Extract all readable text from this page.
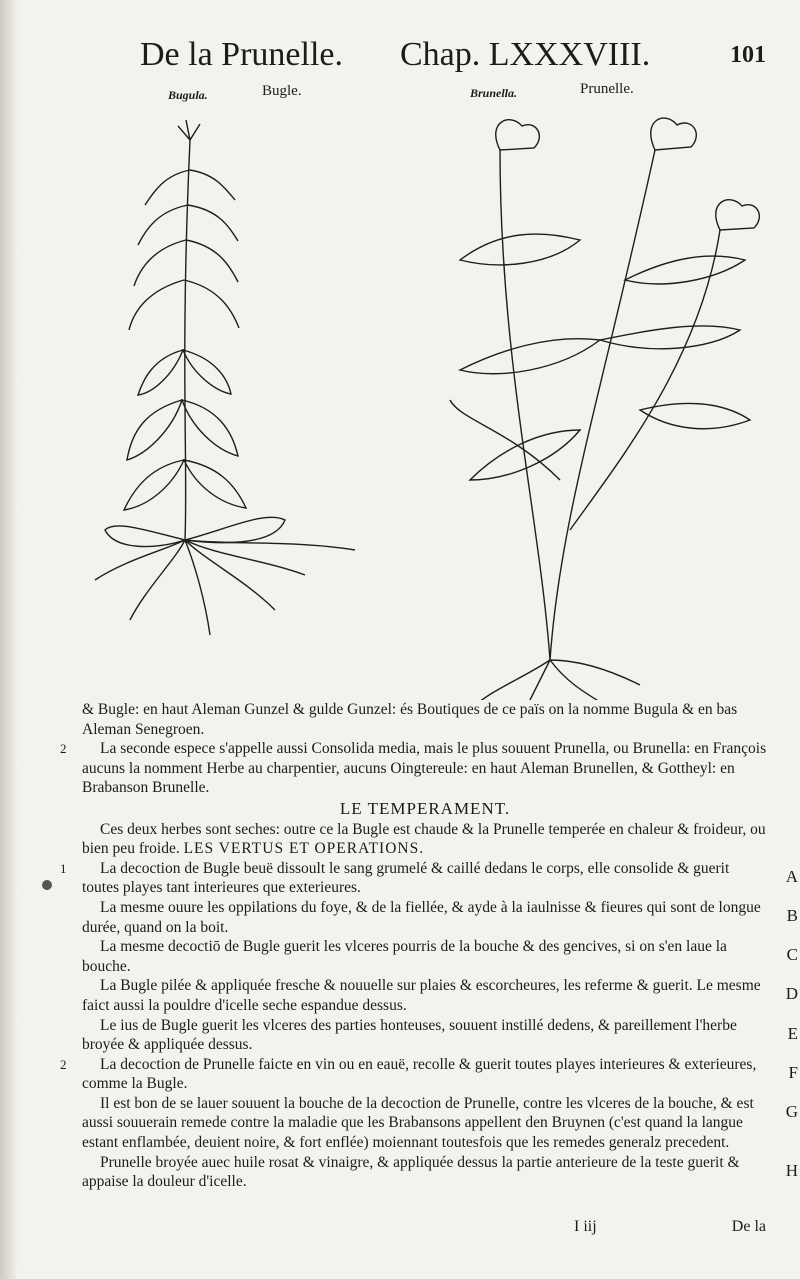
De la Prunelle. Chap. LXXXVIII.	101
Bugula.	Bugle.	Brunella.	Prunelle.

& Bugle: en haut Aleman Gunzel & gulde Gunzel: és Boutiques de ce païs on la nomme Bugula & en bas Aleman Senegroen.

2	La seconde espece s'appelle aussi Consolida media, mais le plus souuent Prunella, ou Brunella: en François aucuns la nomment Herbe au charpentier, aucuns Oingtereule: en haut Aleman Brunellen, & Gottheyl: en Brabanson Brunelle.

LE TEMPERAMENT.

Ces deux herbes sont seches: outre ce la Bugle est chaude & la Prunelle temperée en chaleur & froideur, ou bien peu froide. LES VERTUS ET OPERATIONS.

1	A

La decoction de Bugle beuë dissoult le sang grumelé & caillé dedans le corps, elle consolide & guerit toutes playes tant interieures que exterieures.

B

La mesme ouure les oppilations du foye, & de la fiellée, & ayde à la iaulnisse & fieures qui sont de longue durée, quand on la boit.

C

La mesme decoctiō de Bugle guerit les vlceres pourris de la bouche & des gencives, si on s'en laue la bouche.

D

La Bugle pilée & appliquée fresche & nouuelle sur plaies & escorcheures, les referme & guerit. Le mesme faict aussi la pouldre d'icelle seche espandue dessus.

E

Le ius de Bugle guerit les vlceres des parties honteuses, souuent instillé dedens, & pareillement l'herbe broyée & appliquée dessus.

2	F

La decoction de Prunelle faicte en vin ou en eauë, recolle & guerit toutes playes interieures & exterieures, comme la Bugle.

G

Il est bon de se lauer souuent la bouche de la decoction de Prunelle, contre les vlceres de la bouche, & est aussi souuerain remede contre la maladie que les Brabansons appellent den Bruynen (c'est quand la langue estant enflambée, deuient noire, & fort enflée) moiennant toutesfois que les remedes generalz precedent.

H

Prunelle broyée auec huile rosat & vinaigre, & appliquée dessus la partie anterieure de la teste guerit & appaise la douleur d'icelle.

I iij	De la
